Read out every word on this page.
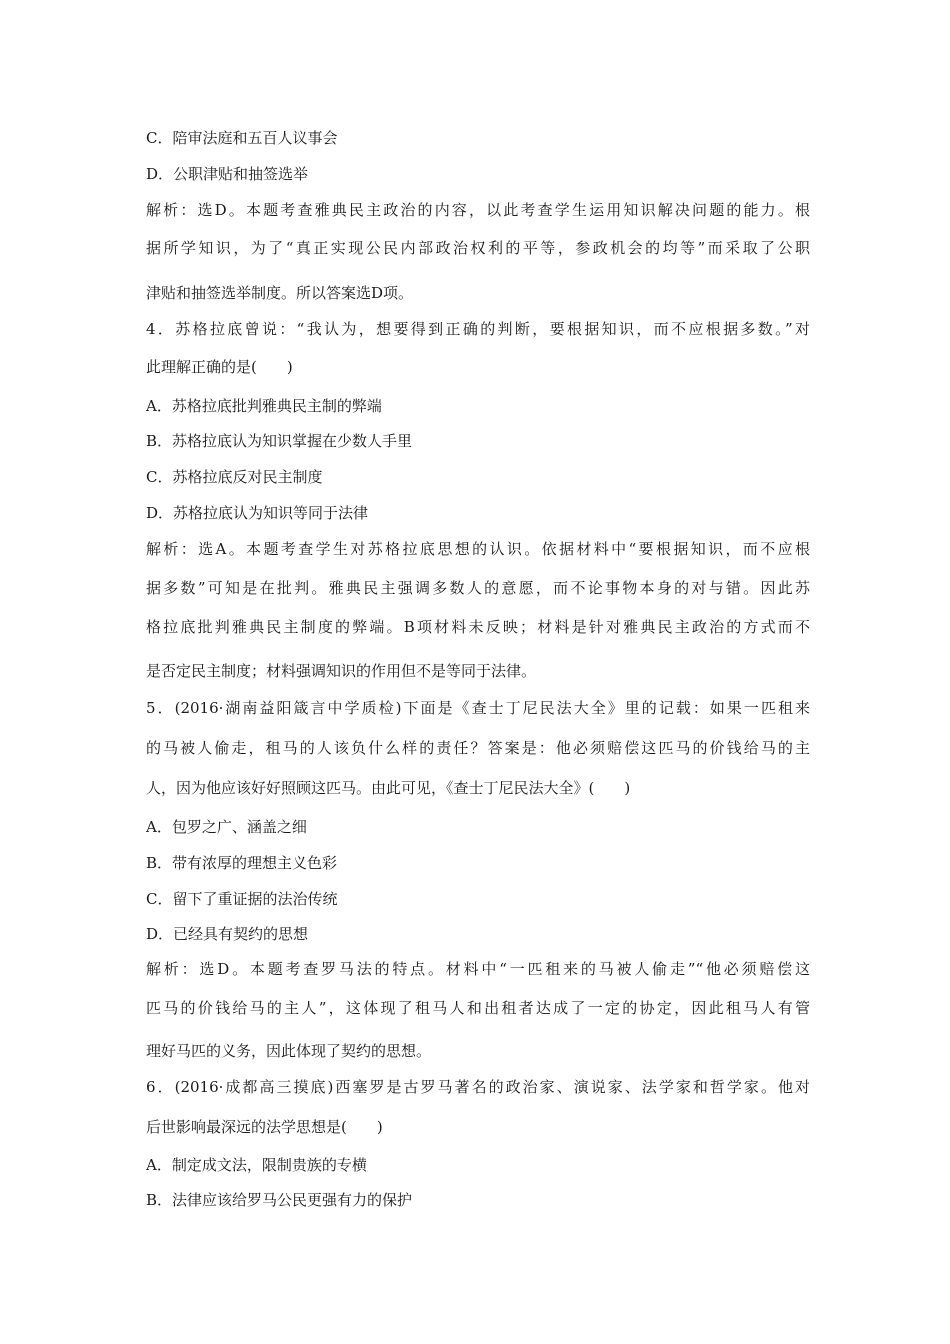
C．陪审法庭和五百人议事会
D．公职津贴和抽签选举
解析：选D。本题考查雅典民主政治的内容，以此考查学生运用知识解决问题的能力。根
据所学知识，为了“真正实现公民内部政治权利的平等，参政机会的均等”而采取了公职
津贴和抽签选举制度。所以答案选D项。
4．苏格拉底曾说：“我认为，想要得到正确的判断，要根据知识，而不应根据多数。”对
此理解正确的是(　　)
A．苏格拉底批判雅典民主制的弊端
B．苏格拉底认为知识掌握在少数人手里
C．苏格拉底反对民主制度
D．苏格拉底认为知识等同于法律
解析：选A。本题考查学生对苏格拉底思想的认识。依据材料中“要根据知识，而不应根
据多数”可知是在批判。雅典民主强调多数人的意愿，而不论事物本身的对与错。因此苏
格拉底批判雅典民主制度的弊端。B项材料未反映；材料是针对雅典民主政治的方式而不
是否定民主制度；材料强调知识的作用但不是等同于法律。
5．(2016·湖南益阳箴言中学质检)下面是《查士丁尼民法大全》里的记载：如果一匹租来
的马被人偷走，租马的人该负什么样的责任？答案是：他必须赔偿这匹马的价钱给马的主
人，因为他应该好好照顾这匹马。由此可见，《查士丁尼民法大全》(　　)
A．包罗之广、涵盖之细
B．带有浓厚的理想主义色彩
C．留下了重证据的法治传统
D．已经具有契约的思想
解析：选D。本题考查罗马法的特点。材料中“一匹租来的马被人偷走”“他必须赔偿这
匹马的价钱给马的主人”，这体现了租马人和出租者达成了一定的协定，因此租马人有管
理好马匹的义务，因此体现了契约的思想。
6．(2016·成都高三摸底)西塞罗是古罗马著名的政治家、演说家、法学家和哲学家。他对
后世影响最深远的法学思想是(　　)
A．制定成文法，限制贵族的专横
B．法律应该给罗马公民更强有力的保护
